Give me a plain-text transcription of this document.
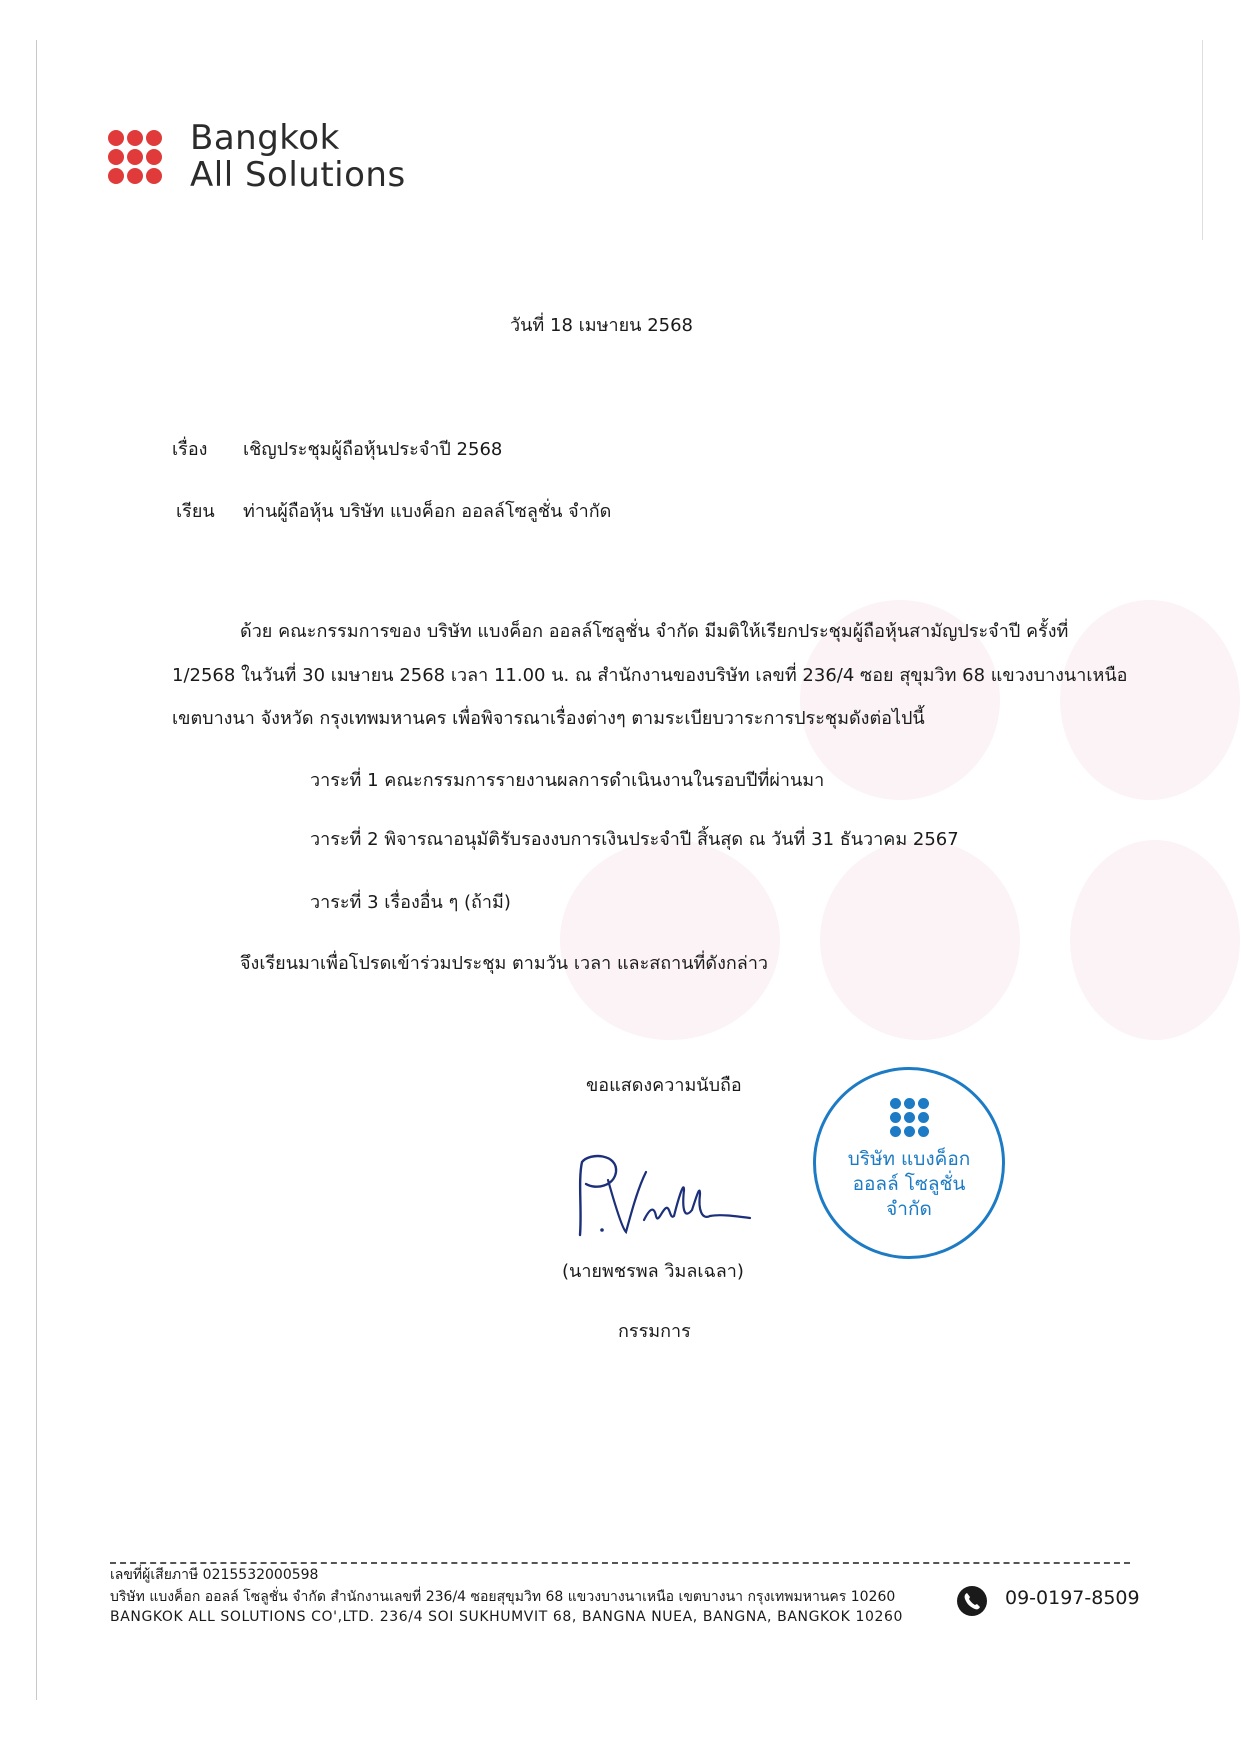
Bangkok
All Solutions
วันที่ 18 เมษายน 2568
เรื่อง เชิญประชุมผู้ถือหุ้นประจำปี 2568
เรียน ท่านผู้ถือหุ้น บริษัท แบงค็อก ออลล์โซลูชั่น จำกัด
ด้วย คณะกรรมการของ บริษัท แบงค็อก ออลล์โซลูชั่น จำกัด มีมติให้เรียกประชุมผู้ถือหุ้นสามัญประจำปี ครั้งที่
1/2568 ในวันที่ 30 เมษายน 2568 เวลา 11.00 น. ณ สำนักงานของบริษัท เลขที่ 236/4 ซอย สุขุมวิท 68 แขวงบางนาเหนือ
เขตบางนา จังหวัด กรุงเทพมหานคร เพื่อพิจารณาเรื่องต่างๆ ตามระเบียบวาระการประชุมดังต่อไปนี้
วาระที่ 1 คณะกรรมการรายงานผลการดำเนินงานในรอบปีที่ผ่านมา
วาระที่ 2 พิจารณาอนุมัติรับรองงบการเงินประจำปี สิ้นสุด ณ วันที่ 31 ธันวาคม 2567
วาระที่ 3 เรื่องอื่น ๆ (ถ้ามี)
จึงเรียนมาเพื่อโปรดเข้าร่วมประชุม ตามวัน เวลา และสถานที่ดังกล่าว
ขอแสดงความนับถือ
(นายพชรพล วิมลเฉลา)
กรรมการ
บริษัท แบงค็อก
ออลล์ โซลูชั่น
จำกัด
เลขที่ผู้เสียภาษี 0215532000598
บริษัท แบงค็อก ออลล์ โซลูชั่น จำกัด สำนักงานเลขที่ 236/4 ซอยสุขุมวิท 68 แขวงบางนาเหนือ เขตบางนา กรุงเทพมหานคร 10260
BANGKOK ALL SOLUTIONS CO',LTD. 236/4 SOI SUKHUMVIT 68, BANGNA NUEA, BANGNA, BANGKOK 10260
09-0197-8509
